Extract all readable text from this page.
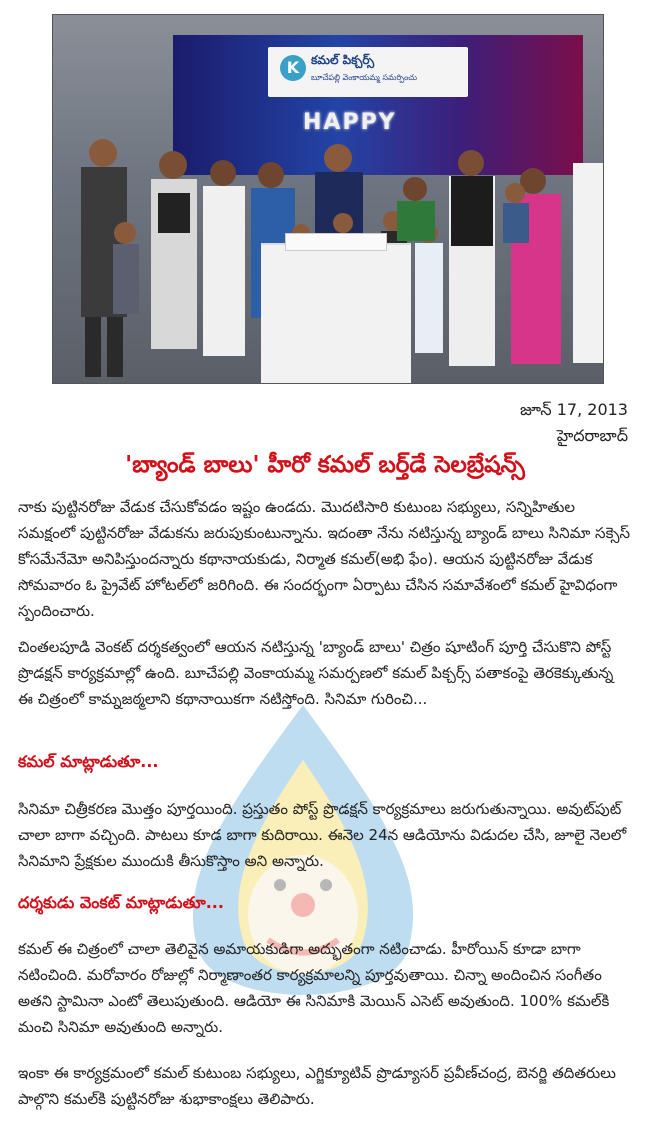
K కమల్ పిక్చర్స్
బూచేపల్లి వెంకాయమ్మ సమర్పించు
HAPPY
జూన్ 17, 2013
హైదరాబాద్
'బ్యాండ్ బాలు' హీరో కమల్ బర్త్‌డే సెలబ్రేషన్స్

నాకు పుట్టినరోజు వేడుక చేసుకోవడం ఇష్టం ఉండదు. మొదటిసారి కుటుంబ సభ్యులు, సన్నిహితుల సమక్షంలో పుట్టినరోజు వేడుకను జరుపుకుంటున్నాను. ఇదంతా నేను నటిస్తున్న బ్యాండ్ బాలు సినిమా సక్సెస్ కోసమేనేమో అనిపిస్తుందన్నారు కథానాయకుడు, నిర్మాత కమల్(అభి ఫేం). ఆయన పుట్టినరోజు వేడుక సోమవారం ఓ ప్రైవేట్ హోటల్‌లో జరిగింది. ఈ సందర్భంగా ఏర్పాటు చేసిన సమావేశంలో కమల్ హైవిధంగా స్పందించారు.

చింతలపూడి వెంకట్ దర్శకత్వంలో ఆయన నటిస్తున్న 'బ్యాండ్ బాలు' చిత్రం షూటింగ్ పూర్తి చేసుకొని పోస్ట్ ప్రొడక్షన్ కార్యక్రమాల్లో ఉంది. బూచేపల్లి వెంకాయమ్మ సమర్పణలో కమల్ పిక్చర్స్ పతాకంపై తెరకెక్కుతున్న ఈ చిత్రంలో కామ్నజఠ్మలాని కథానాయికగా నటిస్తోంది. సినిమా గురించి...

కమల్ మాట్లాడుతూ...

సినిమా చిత్రీకరణ మొత్తం పూర్తయింది. ప్రస్తుతం పోస్ట్ ప్రొడక్షన్ కార్యక్రమాలు జరుగుతున్నాయి. అవుట్‌పుట్ చాలా బాగా వచ్చింది. పాటలు కూడ బాగా కుదిరాయి. ఈనెల 24న ఆడియోను విడుదల చేసి, జూలై నెలలో సినిమాని ప్రేక్షకుల ముందుకి తీసుకొస్తాం అని అన్నారు.

దర్శకుడు వెంకట్ మాట్లాడుతూ...

కమల్ ఈ చిత్రంలో చాలా తెలివైన అమాయకుడిగా అద్భుతంగా నటించాడు. హీరోయిన్ కూడా బాగా నటించింది. మరోవారం రోజుల్లో నిర్మాణాంతర కార్యక్రమాలన్ని పూర్తవుతాయి. చిన్నా అందించిన సంగీతం అతని స్టామినా ఎంటో తెలుపుతుంది. ఆడియో ఈ సినిమాకి మెయిన్ ఎసెట్ అవుతుంది. 100% కమల్‌కి మంచి సినిమా అవుతుంది అన్నారు.

ఇంకా ఈ కార్యక్రమంలో కమల్ కుటుంబ సభ్యులు, ఎగ్జిక్యూటివ్ ప్రొడ్యూసర్ ప్రవీణ్‌చంద్ర, బెనర్జి తదితరులు పాల్గొని కమల్‌కి పుట్టినరోజు శుభాకాంక్షలు తెలిపారు.
